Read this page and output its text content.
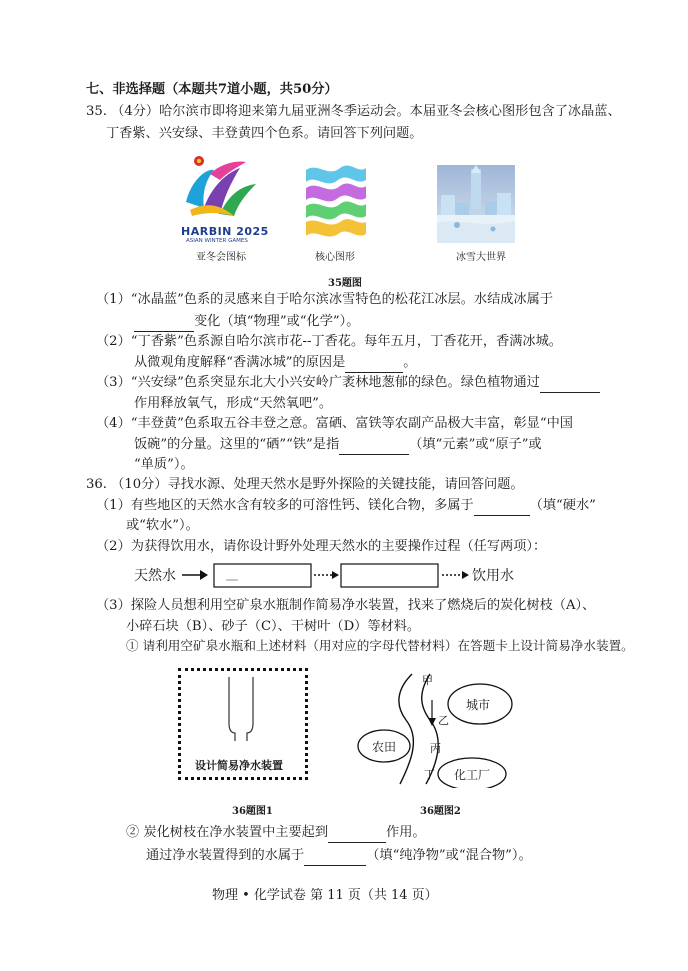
七、非选择题（本题共7道小题，共50分）
35. （4分）哈尔滨市即将迎来第九届亚洲冬季运动会。本届亚冬会核心图形包含了冰晶蓝、
丁香紫、兴安绿、丰登黄四个色系。请回答下列问题。
HARBIN 2025
ASIAN WINTER GAMES
亚冬会图标	核心图形	冰雪大世界
35题图
（1）“冰晶蓝”色系的灵感来自于哈尔滨冰雪特色的松花江冰层。水结成冰属于
变化（填“物理”或“化学”）。
（2）“丁香紫”色系源自哈尔滨市花--丁香花。每年五月，丁香花开，香满冰城。
从微观角度解释“香满冰城”的原因是	。
（3）“兴安绿”色系突显东北大小兴安岭广袤林地葱郁的绿色。绿色植物通过
作用释放氧气，形成“天然氧吧”。
（4）“丰登黄”色系取五谷丰登之意。富硒、富铁等农副产品极大丰富，彰显“中国
饭碗”的分量。这里的“硒”“铁”是指	（填“元素”或“原子”或
“单质”）。
36. （10分）寻找水源、处理天然水是野外探险的关键技能，请回答问题。
（1）有些地区的天然水含有较多的可溶性钙、镁化合物，多属于	（填“硬水”
或“软水”）。
（2）为获得饮用水，请你设计野外处理天然水的主要操作过程（任写两项）：
天然水	饮用水
（3）探险人员想利用空矿泉水瓶制作简易净水装置，找来了燃烧后的炭化树枝（A）、
小碎石块（B）、砂子（C）、干树叶（D）等材料。
① 请利用空矿泉水瓶和上述材料（用对应的字母代替材料）在答题卡上设计简易净水装置。
设计简易净水装置
甲
乙
丙
丁
城市
农田
化工厂
36题图1	36题图2
② 炭化树枝在净水装置中主要起到	作用。
通过净水装置得到的水属于	（填“纯净物”或“混合物”）。
物理 • 化学试卷 第 11 页（共 14 页）
